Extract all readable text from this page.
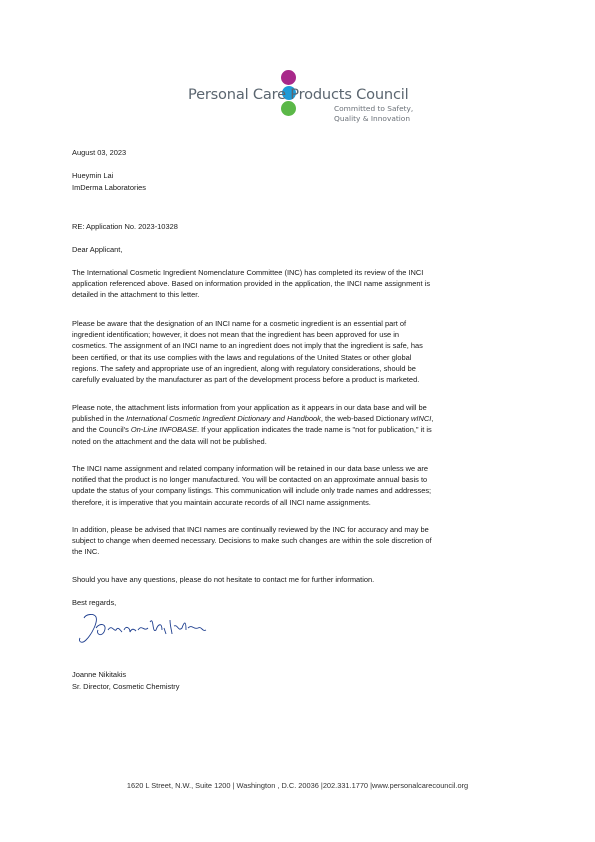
Personal Care Products Council
Committed to Safety,
Quality & Innovation
August 03, 2023
Hueymin Lai
ImDerma Laboratories
RE: Application No. 2023-10328
Dear Applicant,
The International Cosmetic Ingredient Nomenclature Committee (INC) has completed its review of the INCI
application referenced above. Based on information provided in the application, the INCI name assignment is
detailed in the attachment to this letter.
Please be aware that the designation of an INCI name for a cosmetic ingredient is an essential part of
ingredient identification; however, it does not mean that the ingredient has been approved for use in
cosmetics. The assignment of an INCI name to an ingredient does not imply that the ingredient is safe, has
been certified, or that its use complies with the laws and regulations of the United States or other global
regions. The safety and appropriate use of an ingredient, along with regulatory considerations, should be
carefully evaluated by the manufacturer as part of the development process before a product is marketed.
Please note, the attachment lists information from your application as it appears in our data base and will be
published in the International Cosmetic Ingredient Dictionary and Handbook, the web-based Dictionary wINCI,
and the Council's On-Line INFOBASE. If your application indicates the trade name is "not for publication," it is
noted on the attachment and the data will not be published.
The INCI name assignment and related company information will be retained in our data base unless we are
notified that the product is no longer manufactured. You will be contacted on an approximate annual basis to
update the status of your company listings. This communication will include only trade names and addresses;
therefore, it is imperative that you maintain accurate records of all INCI name assignments.
In addition, please be advised that INCI names are continually reviewed by the INC for accuracy and may be
subject to change when deemed necessary. Decisions to make such changes are within the sole discretion of
the INC.
Should you have any questions, please do not hesitate to contact me for further information.
Best regards,
Joanne M. Nikitakis
Joanne Nikitakis
Sr. Director, Cosmetic Chemistry
1620 L Street, N.W., Suite 1200 | Washington , D.C. 20036 |202.331.1770 |www.personalcarecouncil.org
